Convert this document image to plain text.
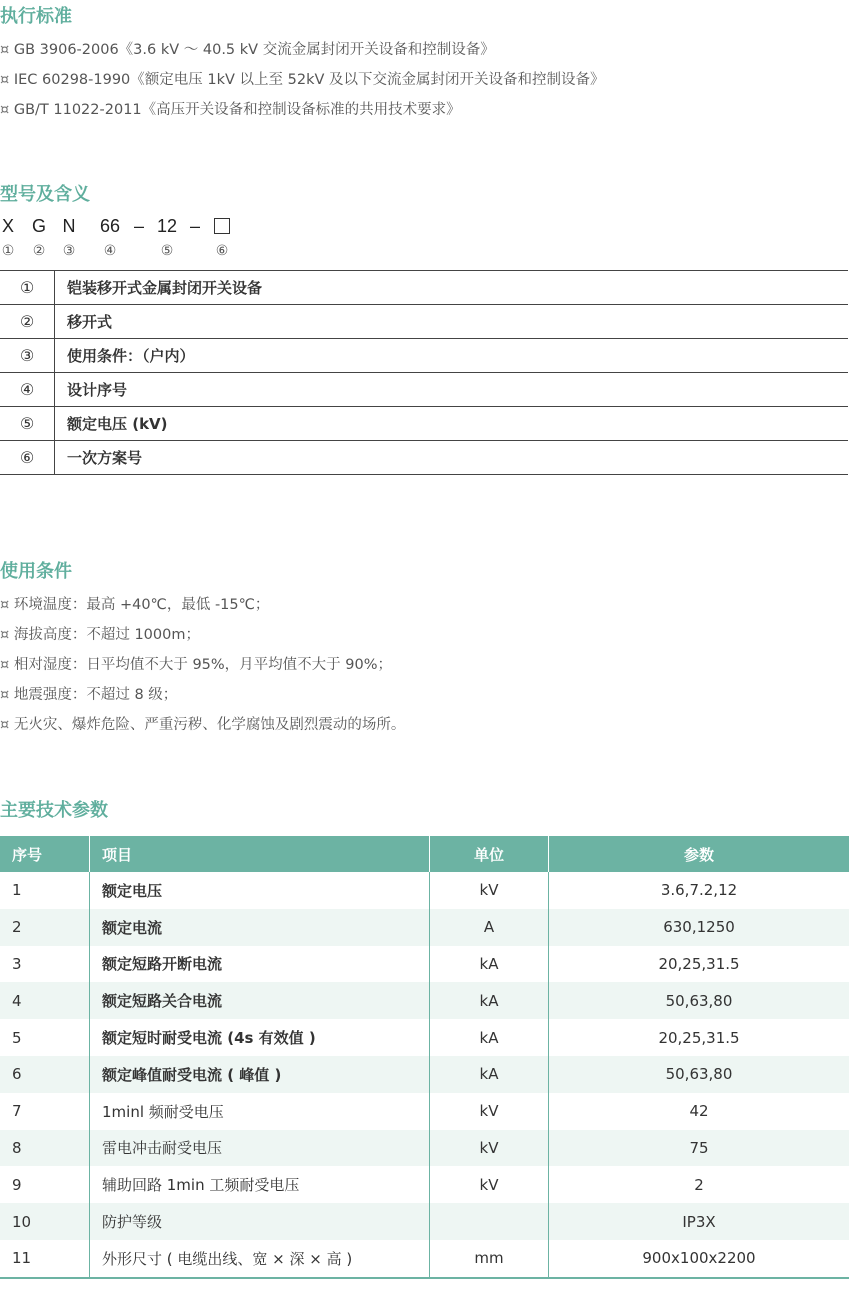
执行标准
¤ GB 3906-2006《3.6 kV ～ 40.5 kV 交流金属封闭开关设备和控制设备》
¤ IEC 60298-1990《额定电压 1kV 以上至 52kV 及以下交流金属封闭开关设备和控制设备》
¤ GB/T 11022-2011《高压开关设备和控制设备标准的共用技术要求》
型号及含义
X G N 66 – 12 –
① ② ③ ④	⑤	⑥
①	铠装移开式金属封闭开关设备
②	移开式
③	使用条件：（户内）
④	设计序号
⑤	额定电压 (kV)
⑥	一次方案号
使用条件
¤ 环境温度：最高 +40℃，最低 -15℃；
¤ 海拔高度：不超过 1000m；
¤ 相对湿度：日平均值不大于 95%，月平均值不大于 90%；
¤ 地震强度：不超过 8 级；
¤ 无火灾、爆炸危险、严重污秽、化学腐蚀及剧烈震动的场所。
主要技术参数
序号	项目	单位	参数
1	额定电压	kV	3.6,7.2,12
2	额定电流	A	630,1250
3	额定短路开断电流	kA	20,25,31.5
4	额定短路关合电流	kA	50,63,80
5	额定短时耐受电流 (4s 有效值 )	kA	20,25,31.5
6	额定峰值耐受电流 ( 峰值 )	kA	50,63,80
7	1minl 频耐受电压	kV	42
8	雷电冲击耐受电压	kV	75
9	辅助回路 1min 工频耐受电压	kV	2
10	防护等级		IP3X
11	外形尺寸 ( 电缆出线、宽 × 深 × 高 )	mm	900x100x2200
